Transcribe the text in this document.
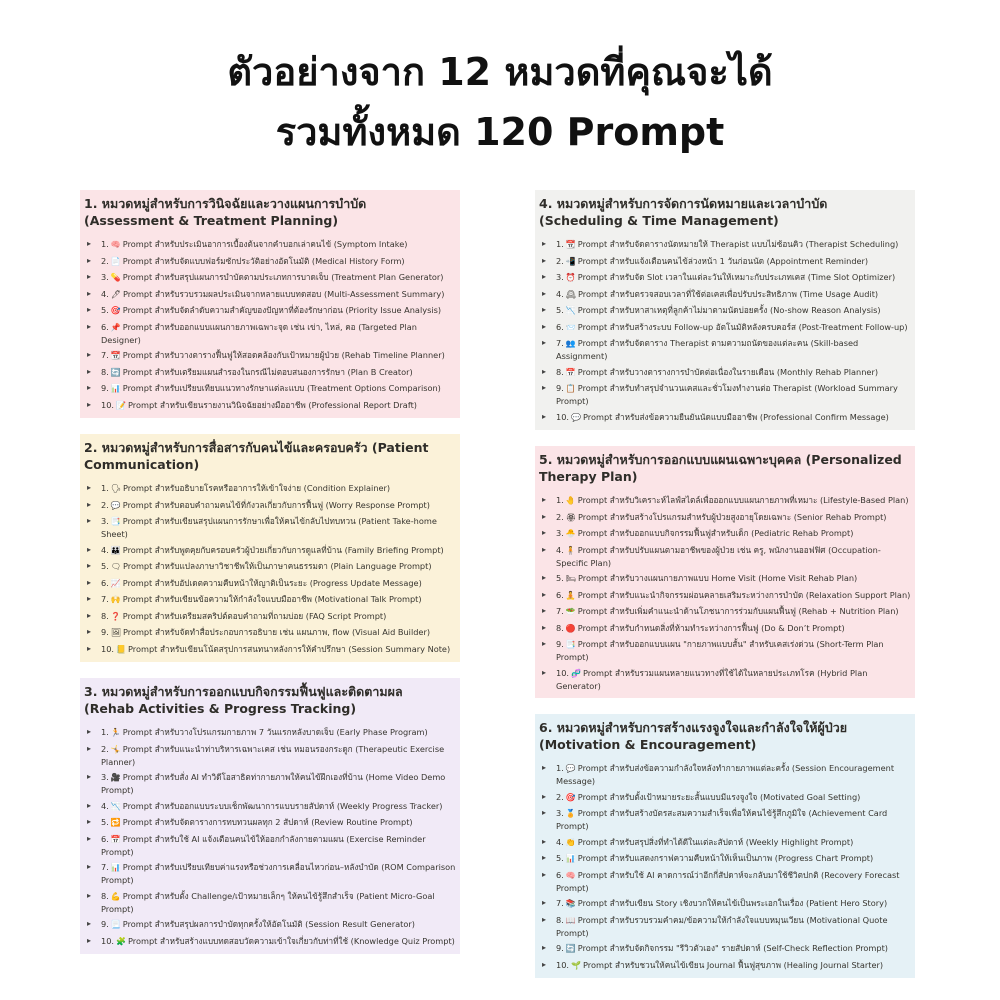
ตัวอย่างจาก 12 หมวดที่คุณจะได้
รวมทั้งหมด 120 Prompt
1. หมวดหมู่สำหรับการวินิจฉัยและวางแผนการบำบัด (Assessment & Treatment Planning)
▸ 1. 🧠 Prompt สำหรับประเมินอาการเบื้องต้นจากคำบอกเล่าคนไข้ (Symptom Intake)
▸ 2. 📄 Prompt สำหรับจัดแบบฟอร์มซักประวัติอย่างอัตโนมัติ (Medical History Form)
▸ 3. 💊 Prompt สำหรับสรุปแผนการบำบัดตามประเภทการบาดเจ็บ (Treatment Plan Generator)
▸ 4. 🖊 Prompt สำหรับรวบรวมผลประเมินจากหลายแบบทดสอบ (Multi-Assessment Summary)
▸ 5. 🎯 Prompt สำหรับจัดลำดับความสำคัญของปัญหาที่ต้องรักษาก่อน (Priority Issue Analysis)
▸ 6. 📌 Prompt สำหรับออกแบบแผนกายภาพเฉพาะจุด เช่น เข่า, ไหล่, คอ (Targeted Plan Designer)
▸ 7. 📆 Prompt สำหรับวางตารางฟื้นฟูให้สอดคล้องกับเป้าหมายผู้ป่วย (Rehab Timeline Planner)
▸ 8. 🔄 Prompt สำหรับเตรียมแผนสำรองในกรณีไม่ตอบสนองการรักษา (Plan B Creator)
▸ 9. 📊 Prompt สำหรับเปรียบเทียบแนวทางรักษาแต่ละแบบ (Treatment Options Comparison)
▸ 10. 📝 Prompt สำหรับเขียนรายงานวินิจฉัยอย่างมืออาชีพ (Professional Report Draft)
2. หมวดหมู่สำหรับการสื่อสารกับคนไข้และครอบครัว (Patient Communication)
▸ 1. 🗣 Prompt สำหรับอธิบายโรคหรืออาการให้เข้าใจง่าย (Condition Explainer)
▸ 2. 💬 Prompt สำหรับตอบคำถามคนไข้ที่กังวลเกี่ยวกับการฟื้นฟู (Worry Response Prompt)
▸ 3. 📑 Prompt สำหรับเขียนสรุปแผนการรักษาเพื่อให้คนไข้กลับไปทบทวน (Patient Take-home Sheet)
▸ 4. 👪 Prompt สำหรับพูดคุยกับครอบครัวผู้ป่วยเกี่ยวกับการดูแลที่บ้าน (Family Briefing Prompt)
▸ 5. 🗨 Prompt สำหรับแปลงภาษาวิชาชีพให้เป็นภาษาคนธรรมดา (Plain Language Prompt)
▸ 6. 📈 Prompt สำหรับอัปเดตความคืบหน้าให้ญาติเป็นระยะ (Progress Update Message)
▸ 7. 🙌 Prompt สำหรับเขียนข้อความให้กำลังใจแบบมืออาชีพ (Motivational Talk Prompt)
▸ 8. ❓ Prompt สำหรับเตรียมสคริปต์ตอบคำถามที่ถามบ่อย (FAQ Script Prompt)
▸ 9. 🖼 Prompt สำหรับจัดทำสื่อประกอบการอธิบาย เช่น แผนภาพ, flow (Visual Aid Builder)
▸ 10. 📒 Prompt สำหรับเขียนโน้ตสรุปการสนทนาหลังการให้คำปรึกษา (Session Summary Note)
3. หมวดหมู่สำหรับการออกแบบกิจกรรมฟื้นฟูและติดตามผล (Rehab Activities & Progress Tracking)
▸ 1. 🏃 Prompt สำหรับวางโปรแกรมกายภาพ 7 วันแรกหลังบาดเจ็บ (Early Phase Program)
▸ 2. 🤸 Prompt สำหรับแนะนำท่าบริหารเฉพาะเคส เช่น หมอนรองกระดูก (Therapeutic Exercise Planner)
▸ 3. 🎥 Prompt สำหรับสั่ง AI ทำวิดีโอสาธิตท่ากายภาพให้คนไข้ฝึกเองที่บ้าน (Home Video Demo Prompt)
▸ 4. 📉 Prompt สำหรับออกแบบระบบเช็กพัฒนาการแบบรายสัปดาห์ (Weekly Progress Tracker)
▸ 5. 🔁 Prompt สำหรับจัดตารางการทบทวนผลทุก 2 สัปดาห์ (Review Routine Prompt)
▸ 6. 📅 Prompt สำหรับใช้ AI แจ้งเตือนคนไข้ให้ออกกำลังกายตามแผน (Exercise Reminder Prompt)
▸ 7. 📊 Prompt สำหรับเปรียบเทียบค่าแรงหรือช่วงการเคลื่อนไหวก่อน–หลังบำบัด (ROM Comparison Prompt)
▸ 8. 💪 Prompt สำหรับตั้ง Challenge/เป้าหมายเล็กๆ ให้คนไข้รู้สึกสำเร็จ (Patient Micro-Goal Prompt)
▸ 9. 📃 Prompt สำหรับสรุปผลการบำบัดทุกครั้งให้อัตโนมัติ (Session Result Generator)
▸ 10. 🧩 Prompt สำหรับสร้างแบบทดสอบวัดความเข้าใจเกี่ยวกับท่าที่ใช้ (Knowledge Quiz Prompt)
4. หมวดหมู่สำหรับการจัดการนัดหมายและเวลาบำบัด (Scheduling & Time Management)
▸ 1. 📆 Prompt สำหรับจัดตารางนัดหมายให้ Therapist แบบไม่ซ้อนคิว (Therapist Scheduling)
▸ 2. 📲 Prompt สำหรับแจ้งเตือนคนไข้ล่วงหน้า 1 วันก่อนนัด (Appointment Reminder)
▸ 3. ⏰ Prompt สำหรับจัด Slot เวลาในแต่ละวันให้เหมาะกับประเภทเคส (Time Slot Optimizer)
▸ 4. 🕰 Prompt สำหรับตรวจสอบเวลาที่ใช้ต่อเคสเพื่อปรับประสิทธิภาพ (Time Usage Audit)
▸ 5. 📉 Prompt สำหรับหาสาเหตุที่ลูกค้าไม่มาตามนัดบ่อยครั้ง (No-show Reason Analysis)
▸ 6. 📨 Prompt สำหรับสร้างระบบ Follow-up อัตโนมัติหลังครบคอร์ส (Post-Treatment Follow-up)
▸ 7. 👥 Prompt สำหรับจัดตาราง Therapist ตามความถนัดของแต่ละคน (Skill-based Assignment)
▸ 8. 📅 Prompt สำหรับวางตารางการบำบัดต่อเนื่องในรายเดือน (Monthly Rehab Planner)
▸ 9. 📋 Prompt สำหรับทำสรุปจำนวนเคสและชั่วโมงทำงานต่อ Therapist (Workload Summary Prompt)
▸ 10. 💬 Prompt สำหรับส่งข้อความยืนยันนัดแบบมืออาชีพ (Professional Confirm Message)
5. หมวดหมู่สำหรับการออกแบบแผนเฉพาะบุคคล (Personalized Therapy Plan)
▸ 1. 🤚 Prompt สำหรับวิเคราะห์ไลฟ์สไตล์เพื่อออกแบบแผนกายภาพที่เหมาะ (Lifestyle-Based Plan)
▸ 2. 🏵 Prompt สำหรับสร้างโปรแกรมสำหรับผู้ป่วยสูงอายุโดยเฉพาะ (Senior Rehab Prompt)
▸ 3. 🐣 Prompt สำหรับออกแบบกิจกรรมฟื้นฟูสำหรับเด็ก (Pediatric Rehab Prompt)
▸ 4. 🧍 Prompt สำหรับปรับแผนตามอาชีพของผู้ป่วย เช่น ครู, พนักงานออฟฟิศ (Occupation-Specific Plan)
▸ 5. 🛏 Prompt สำหรับวางแผนกายภาพแบบ Home Visit (Home Visit Rehab Plan)
▸ 6. 🧘 Prompt สำหรับแนะนำกิจกรรมผ่อนคลายเสริมระหว่างการบำบัด (Relaxation Support Plan)
▸ 7. 🥗 Prompt สำหรับเพิ่มคำแนะนำด้านโภชนาการร่วมกับแผนฟื้นฟู (Rehab + Nutrition Plan)
▸ 8. 🔴 Prompt สำหรับกำหนดสิ่งที่ห้ามทำระหว่างการฟื้นฟู (Do & Don’t Prompt)
▸ 9. 📑 Prompt สำหรับออกแบบแผน "กายภาพแบบสั้น" สำหรับเคสเร่งด่วน (Short-Term Plan Prompt)
▸ 10. 🧬 Prompt สำหรับรวมแผนหลายแนวทางที่ใช้ได้ในหลายประเภทโรค (Hybrid Plan Generator)
6. หมวดหมู่สำหรับการสร้างแรงจูงใจและกำลังใจให้ผู้ป่วย (Motivation & Encouragement)
▸ 1. 💬 Prompt สำหรับส่งข้อความกำลังใจหลังทำกายภาพแต่ละครั้ง (Session Encouragement Message)
▸ 2. 🎯 Prompt สำหรับตั้งเป้าหมายระยะสั้นแบบมีแรงจูงใจ (Motivated Goal Setting)
▸ 3. 🏅 Prompt สำหรับสร้างบัตรสะสมความสำเร็จเพื่อให้คนไข้รู้สึกภูมิใจ (Achievement Card Prompt)
▸ 4. 👏 Prompt สำหรับสรุปสิ่งที่ทำได้ดีในแต่ละสัปดาห์ (Weekly Highlight Prompt)
▸ 5. 📊 Prompt สำหรับแสดงกราฟความคืบหน้าให้เห็นเป็นภาพ (Progress Chart Prompt)
▸ 6. 🧠 Prompt สำหรับใช้ AI คาดการณ์ว่าอีกกี่สัปดาห์จะกลับมาใช้ชีวิตปกติ (Recovery Forecast Prompt)
▸ 7. 📚 Prompt สำหรับเขียน Story เชิงบวกให้คนไข้เป็นพระเอกในเรื่อง (Patient Hero Story)
▸ 8. 📖 Prompt สำหรับรวบรวมคำคม/ข้อความให้กำลังใจแบบหมุนเวียน (Motivational Quote Prompt)
▸ 9. 🔄 Prompt สำหรับจัดกิจกรรม "รีวิวตัวเอง" รายสัปดาห์ (Self-Check Reflection Prompt)
▸ 10. 🌱 Prompt สำหรับชวนให้คนไข้เขียน Journal ฟื้นฟูสุขภาพ (Healing Journal Starter)
